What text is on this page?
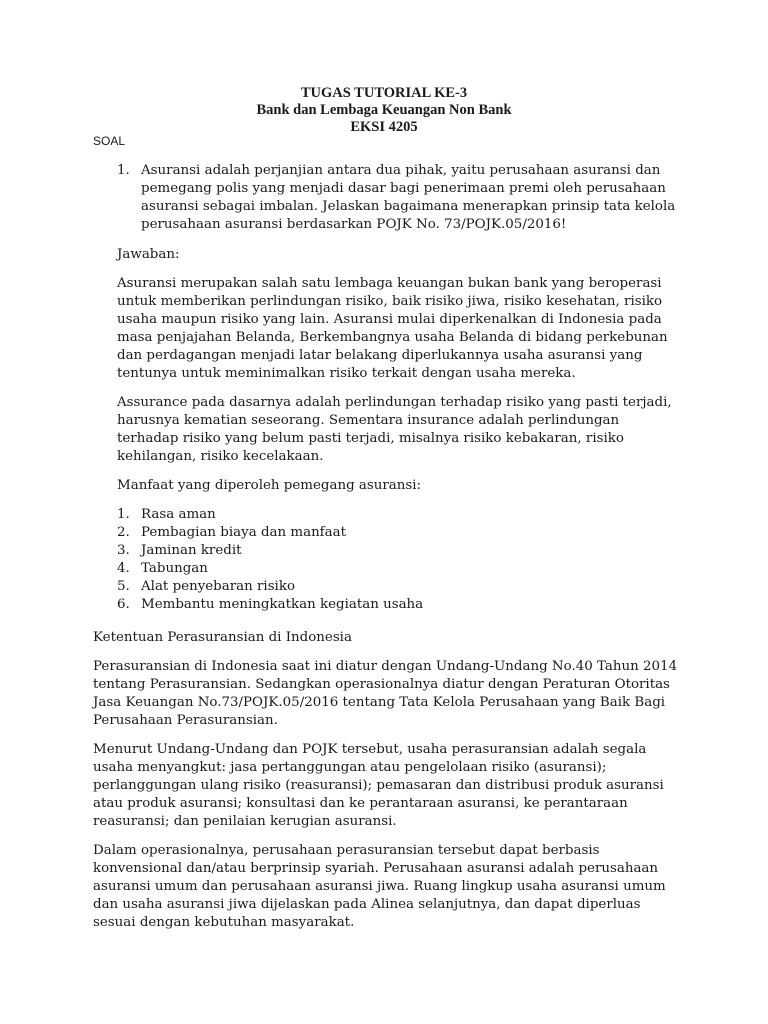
TUGAS TUTORIAL KE-3
Bank dan Lembaga Keuangan Non Bank
EKSI 4205
SOAL
1. Asuransi adalah perjanjian antara dua pihak, yaitu perusahaan asuransi dan pemegang polis yang menjadi dasar bagi penerimaan premi oleh perusahaan asuransi sebagai imbalan. Jelaskan bagaimana menerapkan prinsip tata kelola perusahaan asuransi berdasarkan POJK No. 73/POJK.05/2016!

Jawaban:

Asuransi merupakan salah satu lembaga keuangan bukan bank yang beroperasi untuk memberikan perlindungan risiko, baik risiko jiwa, risiko kesehatan, risiko usaha maupun risiko yang lain. Asuransi mulai diperkenalkan di Indonesia pada masa penjajahan Belanda, Berkembangnya usaha Belanda di bidang perkebunan dan perdagangan menjadi latar belakang diperlukannya usaha asuransi yang tentunya untuk meminimalkan risiko terkait dengan usaha mereka.

Assurance pada dasarnya adalah perlindungan terhadap risiko yang pasti terjadi, harusnya kematian seseorang. Sementara insurance adalah perlindungan terhadap risiko yang belum pasti terjadi, misalnya risiko kebakaran, risiko kehilangan, risiko kecelakaan.

Manfaat yang diperoleh pemegang asuransi:

1. Rasa aman
2. Pembagian biaya dan manfaat
3. Jaminan kredit
4. Tabungan
5. Alat penyebaran risiko
6. Membantu meningkatkan kegiatan usaha

Ketentuan Perasuransian di Indonesia

Perasuransian di Indonesia saat ini diatur dengan Undang-Undang No.40 Tahun 2014 tentang Perasuransian. Sedangkan operasionalnya diatur dengan Peraturan Otoritas Jasa Keuangan No.73/POJK.05/2016 tentang Tata Kelola Perusahaan yang Baik Bagi Perusahaan Perasuransian.

Menurut Undang-Undang dan POJK tersebut, usaha perasuransian adalah segala usaha menyangkut: jasa pertanggungan atau pengelolaan risiko (asuransi); perlanggungan ulang risiko (reasuransi); pemasaran dan distribusi produk asuransi atau produk asuransi; konsultasi dan ke perantaraan asuransi, ke perantaraan reasuransi; dan penilaian kerugian asuransi.

Dalam operasionalnya, perusahaan perasuransian tersebut dapat berbasis konvensional dan/atau berprinsip syariah. Perusahaan asuransi adalah perusahaan asuransi umum dan perusahaan asuransi jiwa. Ruang lingkup usaha asuransi umum dan usaha asuransi jiwa dijelaskan pada Alinea selanjutnya, dan dapat diperluas sesuai dengan kebutuhan masyarakat.
